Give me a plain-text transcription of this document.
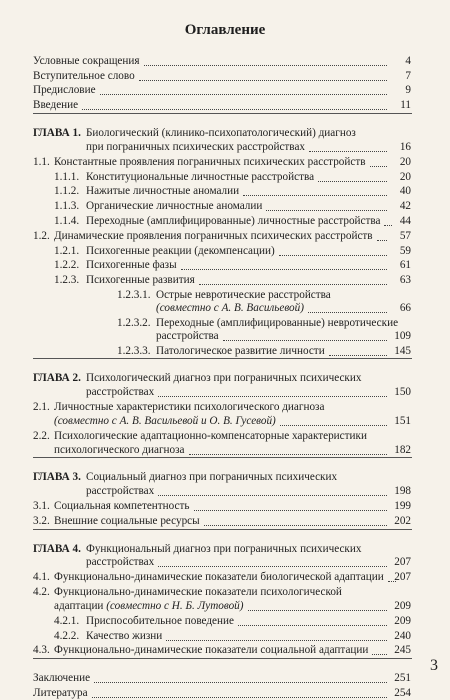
Оглавление
Условные сокращения	4
Вступительное слово	7
Предисловие	9
Введение	11
ГЛАВА 1. Биологический (клинико-психопатологический) диагноз
при пограничных психических расстройствах	16
1.1. Константные проявления пограничных психических расстройств	20
1.1.1. Конституциональные личностные расстройства	20
1.1.2. Нажитые личностные аномалии	40
1.1.3. Органические личностные аномалии	42
1.1.4. Переходные (амплифицированные) личностные расстройства	44
1.2. Динамические проявления пограничных психических расстройств	57
1.2.1. Психогенные реакции (декомпенсации)	59
1.2.2. Психогенные фазы	61
1.2.3. Психогенные развития	63
1.2.3.1. Острые невротические расстройства
(совместно с А. В. Васильевой)	66
1.2.3.2. Переходные (амплифицированные) невротические
расстройства	109
1.2.3.3. Патологическое развитие личности	145
ГЛАВА 2. Психологический диагноз при пограничных психических
расстройствах	150
2.1. Личностные характеристики психологического диагноза
(совместно с А. В. Васильевой и О. В. Гусевой)	151
2.2. Психологические адаптационно-компенсаторные характеристики
психологического диагноза	182
ГЛАВА 3. Социальный диагноз при пограничных психических
расстройствах	198
3.1. Социальная компетентность	199
3.2. Внешние социальные ресурсы	202
ГЛАВА 4. Функциональный диагноз при пограничных психических
расстройствах	207
4.1. Функционально-динамические показатели биологической адаптации 207
4.2. Функционально-динамические показатели психологической
адаптации (совместно с Н. Б. Лутовой)	209
4.2.1. Приспособительное поведение	209
4.2.2. Качество жизни	240
4.3. Функционально-динамические показатели социальной адаптации	245
Заключение	251
Литература	254
3
